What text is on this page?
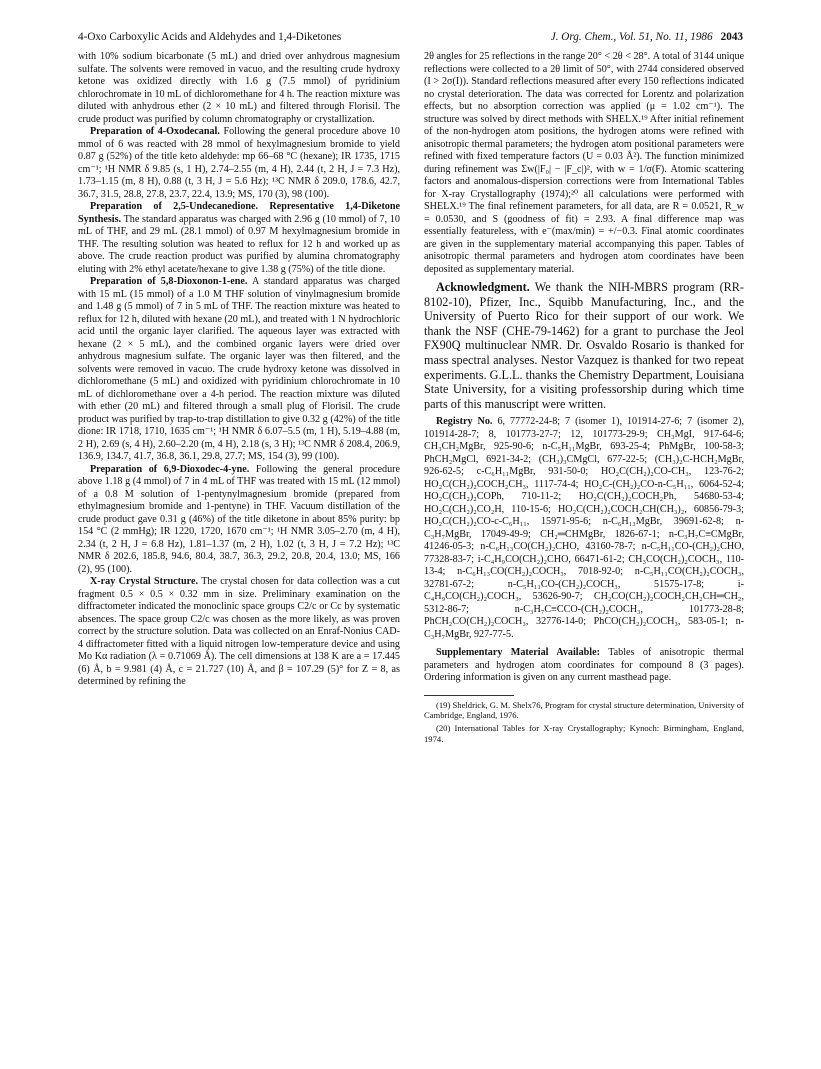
4-Oxo Carboxylic Acids and Aldehydes and 1,4-Diketones	J. Org. Chem., Vol. 51, No. 11, 1986 2043

with 10% sodium bicarbonate (5 mL) and dried over anhydrous magnesium sulfate. The solvents were removed in vacuo, and the resulting crude hydroxy ketone was oxidized directly with 1.6 g (7.5 mmol) of pyridinium chlorochromate in 10 mL of dichloromethane for 4 h. The reaction mixture was diluted with anhydrous ether (2 × 10 mL) and filtered through Florisil. The crude product was purified by column chromatography or crystallization.

Preparation of 4-Oxodecanal. Following the general procedure above 10 mmol of 6 was reacted with 28 mmol of hexylmagnesium bromide to yield 0.87 g (52%) of the title keto aldehyde: mp 66–68 °C (hexane); IR 1735, 1715 cm⁻¹; ¹H NMR δ 9.85 (s, 1 H), 2.74–2.55 (m, 4 H), 2.44 (t, 2 H, J = 7.3 Hz), 1.73–1.15 (m, 8 H), 0.88 (t, 3 H, J = 5.6 Hz); ¹³C NMR δ 209.0, 178.6, 42.7, 36.7, 31.5, 28.8, 27.8, 23.7, 22.4, 13.9; MS, 170 (3), 98 (100).

Preparation of 2,5-Undecanedione. Representative 1,4-Diketone Synthesis. The standard apparatus was charged with 2.96 g (10 mmol) of 7, 10 mL of THF, and 29 mL (28.1 mmol) of 0.97 M hexylmagnesium bromide in THF. The resulting solution was heated to reflux for 12 h and worked up as above. The crude reaction product was purified by alumina chromatography eluting with 2% ethyl acetate/hexane to give 1.38 g (75%) of the title dione.

Preparation of 5,8-Dioxonon-1-ene. A standard apparatus was charged with 15 mL (15 mmol) of a 1.0 M THF solution of vinylmagnesium bromide and 1.48 g (5 mmol) of 7 in 5 mL of THF. The reaction mixture was heated to reflux for 12 h, diluted with hexane (20 mL), and treated with 1 N hydrochloric acid until the organic layer clarified. The aqueous layer was extracted with hexane (2 × 5 mL), and the combined organic layers were dried over anhydrous magnesium sulfate. The organic layer was then filtered, and the solvents were removed in vacuo. The crude hydroxy ketone was dissolved in dichloromethane (5 mL) and oxidized with pyridinium chlorochromate in 10 mL of dichloromethane over a 4-h period. The reaction mixture was diluted with ether (20 mL) and filtered through a small plug of Florisil. The crude product was purified by trap-to-trap distillation to give 0.32 g (42%) of the title dione: IR 1718, 1710, 1635 cm⁻¹; ¹H NMR δ 6.07–5.5 (m, 1 H), 5.19–4.88 (m, 2 H), 2.69 (s, 4 H), 2.60–2.20 (m, 4 H), 2.18 (s, 3 H); ¹³C NMR δ 208.4, 206.9, 136.9, 134.7, 41.7, 36.8, 36.1, 29.8, 27.7; MS, 154 (3), 99 (100).

Preparation of 6,9-Dioxodec-4-yne. Following the general procedure above 1.18 g (4 mmol) of 7 in 4 mL of THF was treated with 15 mL (12 mmol) of a 0.8 M solution of 1-pentynylmagnesium bromide (prepared from ethylmagnesium bromide and 1-pentyne) in THF. Vacuum distillation of the crude product gave 0.31 g (46%) of the title diketone in about 85% purity: bp 154 °C (2 mmHg); IR 1220, 1720, 1670 cm⁻¹; ¹H NMR 3.05–2.70 (m, 4 H), 2.34 (t, 2 H, J = 6.8 Hz), 1.81–1.37 (m, 2 H), 1.02 (t, 3 H, J = 7.2 Hz); ¹³C NMR δ 202.6, 185.8, 94.6, 80.4, 38.7, 36.3, 29.2, 20.8, 20.4, 13.0; MS, 166 (2), 95 (100).

X-ray Crystal Structure. The crystal chosen for data collection was a cut fragment 0.5 × 0.5 × 0.32 mm in size. Preliminary examination on the diffractometer indicated the monoclinic space groups C2/c or Cc by systematic absences. The space group C2/c was chosen as the more likely, as was proven correct by the structure solution. Data was collected on an Enraf-Nonius CAD-4 diffractometer fitted with a liquid nitrogen low-temperature device and using Mo Kα radiation (λ = 0.71069 Å). The cell dimensions at 138 K are a = 17.445 (6) Å, b = 9.981 (4) Å, c = 21.727 (10) Å, and β = 107.29 (5)° for Z = 8, as determined by refining the

2θ angles for 25 reflections in the range 20° < 2θ < 28°. A total of 3144 unique reflections were collected to a 2θ limit of 50°, with 2744 considered observed (I > 2σ(I)). Standard reflections measured after every 150 reflections indicated no crystal deterioration. The data was corrected for Lorentz and polarization effects, but no absorption correction was applied (μ = 1.02 cm⁻¹). The structure was solved by direct methods with SHELX.¹⁹ After initial refinement of the non-hydrogen atom positions, the hydrogen atoms were refined with anisotropic thermal parameters; the hydrogen atom positional parameters were refined with fixed temperature factors (U = 0.03 Å²). The function minimized during refinement was Σw(|F₀| − |F_c|)², with w = 1/σ(F). Atomic scattering factors and anomalous-dispersion corrections were from International Tables for X-ray Crystallography (1974);²⁰ all calculations were performed with SHELX.¹⁹ The final refinement parameters, for all data, are R = 0.0521, R_w = 0.0530, and S (goodness of fit) = 2.93. A final difference map was essentially featureless, with e⁻(max/min) = +/−0.3. Final atomic coordinates are given in the supplementary material accompanying this paper. Tables of anisotropic thermal parameters and hydrogen atom coordinates have been deposited as supplementary material.

Acknowledgment. We thank the NIH-MBRS program (RR-8102-10), Pfizer, Inc., Squibb Manufacturing, Inc., and the University of Puerto Rico for their support of our work. We thank the NSF (CHE-79-1462) for a grant to purchase the Jeol FX90Q multinuclear NMR. Dr. Osvaldo Rosario is thanked for mass spectral analyses. Nestor Vazquez is thanked for two repeat experiments. G.L.L. thanks the Chemistry Department, Louisiana State University, for a visiting professorship during which time parts of this manuscript were written.

Registry No. 6, 77772-24-8; 7 (isomer 1), 101914-27-6; 7 (isomer 2), 101914-28-7; 8, 101773-27-7; 12, 101773-29-9; CH₃MgI, 917-64-6; CH₃CH₂MgBr, 925-90-6; n-C₅H₁₁MgBr, 693-25-4; PhMgBr, 100-58-3; PhCH₂MgCl, 6921-34-2; (CH₃)₃CMgCl, 677-22-5; (CH₃)₂C-HCH₂MgBr, 926-62-5; c-C₆H₁₁MgBr, 931-50-0; HO₂C(CH₂)₂CO-CH₃, 123-76-2; HO₂C(CH₂)₂COCH₂CH₃, 1117-74-4; HO₂C-(CH₂)₂CO-n-C₅H₁₁, 6064-52-4; HO₂C(CH₂)₂COPh, 710-11-2; HO₂C(CH₂)₂COCH₂Ph, 54680-53-4; HO₂C(CH₂)₂CO₂H, 110-15-6; HO₂C(CH₂)₂COCH₂CH(CH₃)₂, 60856-79-3; HO₂C(CH₂)₂CO-c-C₆H₁₁, 15971-95-6; n-C₆H₁₃MgBr, 39691-62-8; n-C₃H₇MgBr, 17049-49-9; CH₂═CHMgBr, 1826-67-1; n-C₃H₇C≡CMgBr, 41246-05-3; n-C₆H₁₃CO(CH₂)₂CHO, 43160-78-7; n-C₅H₁₁CO-(CH₂)₂CHO, 77328-83-7; i-C₄H₉CO(CH₂)₂CHO, 66471-61-2; CH₃CO(CH₂)₂COCH₃, 110-13-4; n-C₆H₁₃CO(CH₂)₂COCH₃, 7018-92-0; n-C₅H₁₁CO(CH₂)₂COCH₃, 32781-67-2; n-C₅H₁₁CO-(CH₂)₂COCH₃, 51575-17-8; i-C₄H₉CO(CH₂)₂COCH₃, 53626-90-7; CH₂CO(CH₂)₂COCH₂CH₂CH═CH₂, 5312-86-7; n-C₃H₇C≡CCO-(CH₂)₂COCH₃, 101773-28-8; PhCH₂CO(CH₂)₂COCH₃, 32776-14-0; PhCO(CH₂)₂COCH₃, 583-05-1; n-C₃H₇MgBr, 927-77-5.

Supplementary Material Available: Tables of anisotropic thermal parameters and hydrogen atom coordinates for compound 8 (3 pages). Ordering information is given on any current masthead page.

(19) Sheldrick, G. M. Shelx76, Program for crystal structure determination, University of Cambridge, England, 1976.

(20) International Tables for X-ray Crystallography; Kynoch: Birmingham, England, 1974.
